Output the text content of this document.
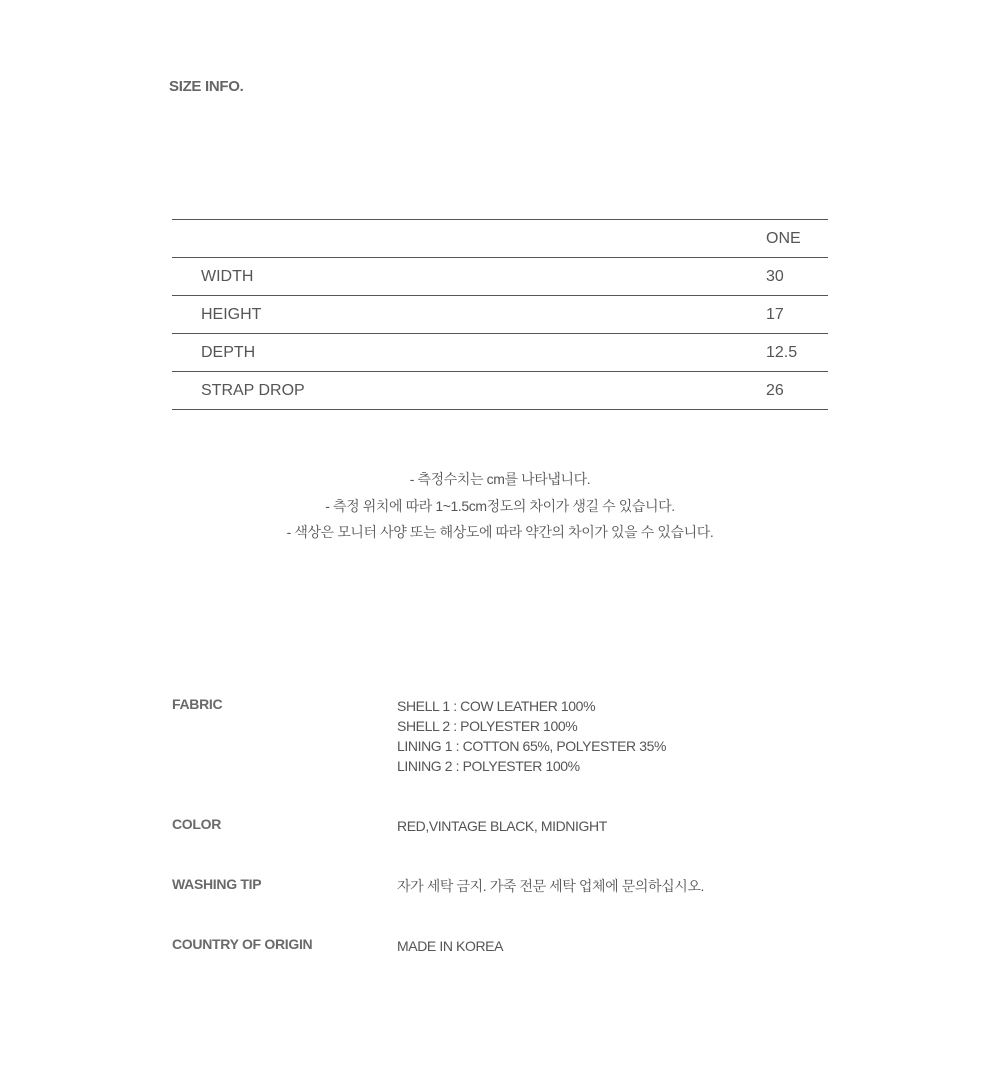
SIZE INFO.
	ONE
WIDTH	30
HEIGHT	17
DEPTH	12.5
STRAP DROP	26
- 측정수치는 cm를 나타냅니다.
- 측정 위치에 따라 1~1.5cm정도의 차이가 생길 수 있습니다.
- 색상은 모니터 사양 또는 해상도에 따라 약간의 차이가 있을 수 있습니다.
FABRIC	SHELL 1 : COW LEATHER 100%
SHELL 2 : POLYESTER 100%
LINING 1 : COTTON 65%, POLYESTER 35%
LINING 2 : POLYESTER 100%
COLOR	RED,VINTAGE BLACK, MIDNIGHT
WASHING TIP	자가 세탁 금지. 가죽 전문 세탁 업체에 문의하십시오.
COUNTRY OF ORIGIN	MADE IN KOREA
